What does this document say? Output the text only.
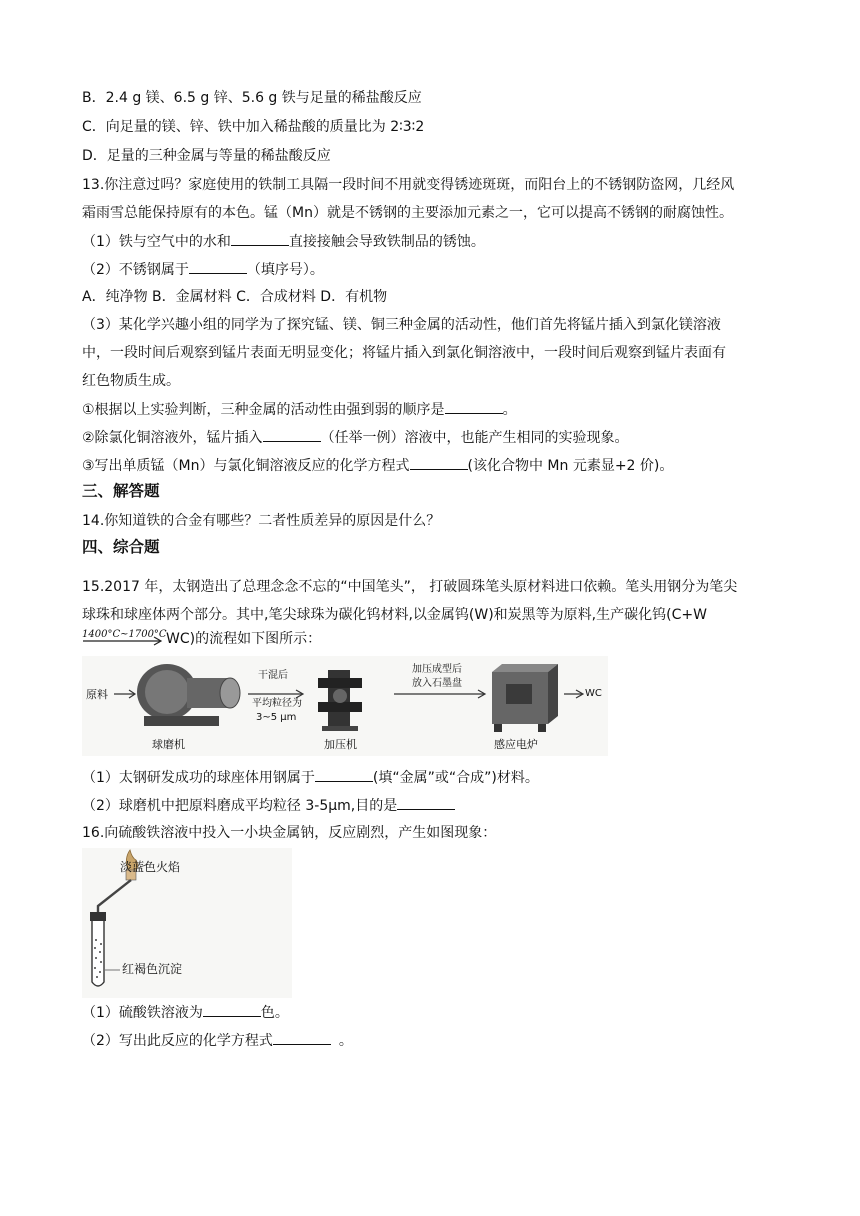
B．2.4 g 镁、6.5 g 锌、5.6 g 铁与足量的稀盐酸反应
C．向足量的镁、锌、铁中加入稀盐酸的质量比为 2∶3∶2
D．足量的三种金属与等量的稀盐酸反应
13.你注意过吗？家庭使用的铁制工具隔一段时间不用就变得锈迹斑斑，而阳台上的不锈钢防盗网，几经风
霜雨雪总能保持原有的本色。锰（Mn）就是不锈钢的主要添加元素之一，它可以提高不锈钢的耐腐蚀性。
（1）铁与空气中的水和	直接接触会导致铁制品的锈蚀。
（2）不锈钢属于	（填序号）。
A．纯净物 B．金属材料 C．合成材料 D．有机物
（3）某化学兴趣小组的同学为了探究锰、镁、铜三种金属的活动性，他们首先将锰片插入到氯化镁溶液
中，一段时间后观察到锰片表面无明显变化；将锰片插入到氯化铜溶液中，一段时间后观察到锰片表面有
红色物质生成。
①根据以上实验判断，三种金属的活动性由强到弱的顺序是	。
②除氯化铜溶液外，锰片插入	（任举一例）溶液中，也能产生相同的实验现象。
③写出单质锰（Mn）与氯化铜溶液反应的化学方程式	(该化合物中 Mn 元素显+2 价)。
三、解答题
14.你知道铁的合金有哪些？二者性质差异的原因是什么？
四、综合题
15.2017 年，太钢造出了总理念念不忘的“中国笔头”， 打破圆珠笔头原材料进口依赖。笔头用钢分为笔尖
球珠和球座体两个部分。其中,笔尖球珠为碳化钨材料,以金属钨(W)和炭黑等为原料,生产碳化钨(C+W
1400°C~1700°C WC)的流程如下图所示：
原料
干混后
平均粒径为
3~5 μm
加压成型后
放入石墨盘
WC
球磨机	加压机	感应电炉
（1）太钢研发成功的球座体用钢属于	(填“金属”或“合成”)材料。
（2）球磨机中把原料磨成平均粒径 3-5μm,目的是
16.向硫酸铁溶液中投入一小块金属钠，反应剧烈，产生如图现象：
淡蓝色火焰
红褐色沉淀
（1）硫酸铁溶液为	色。
（2）写出此反应的化学方程式	。
